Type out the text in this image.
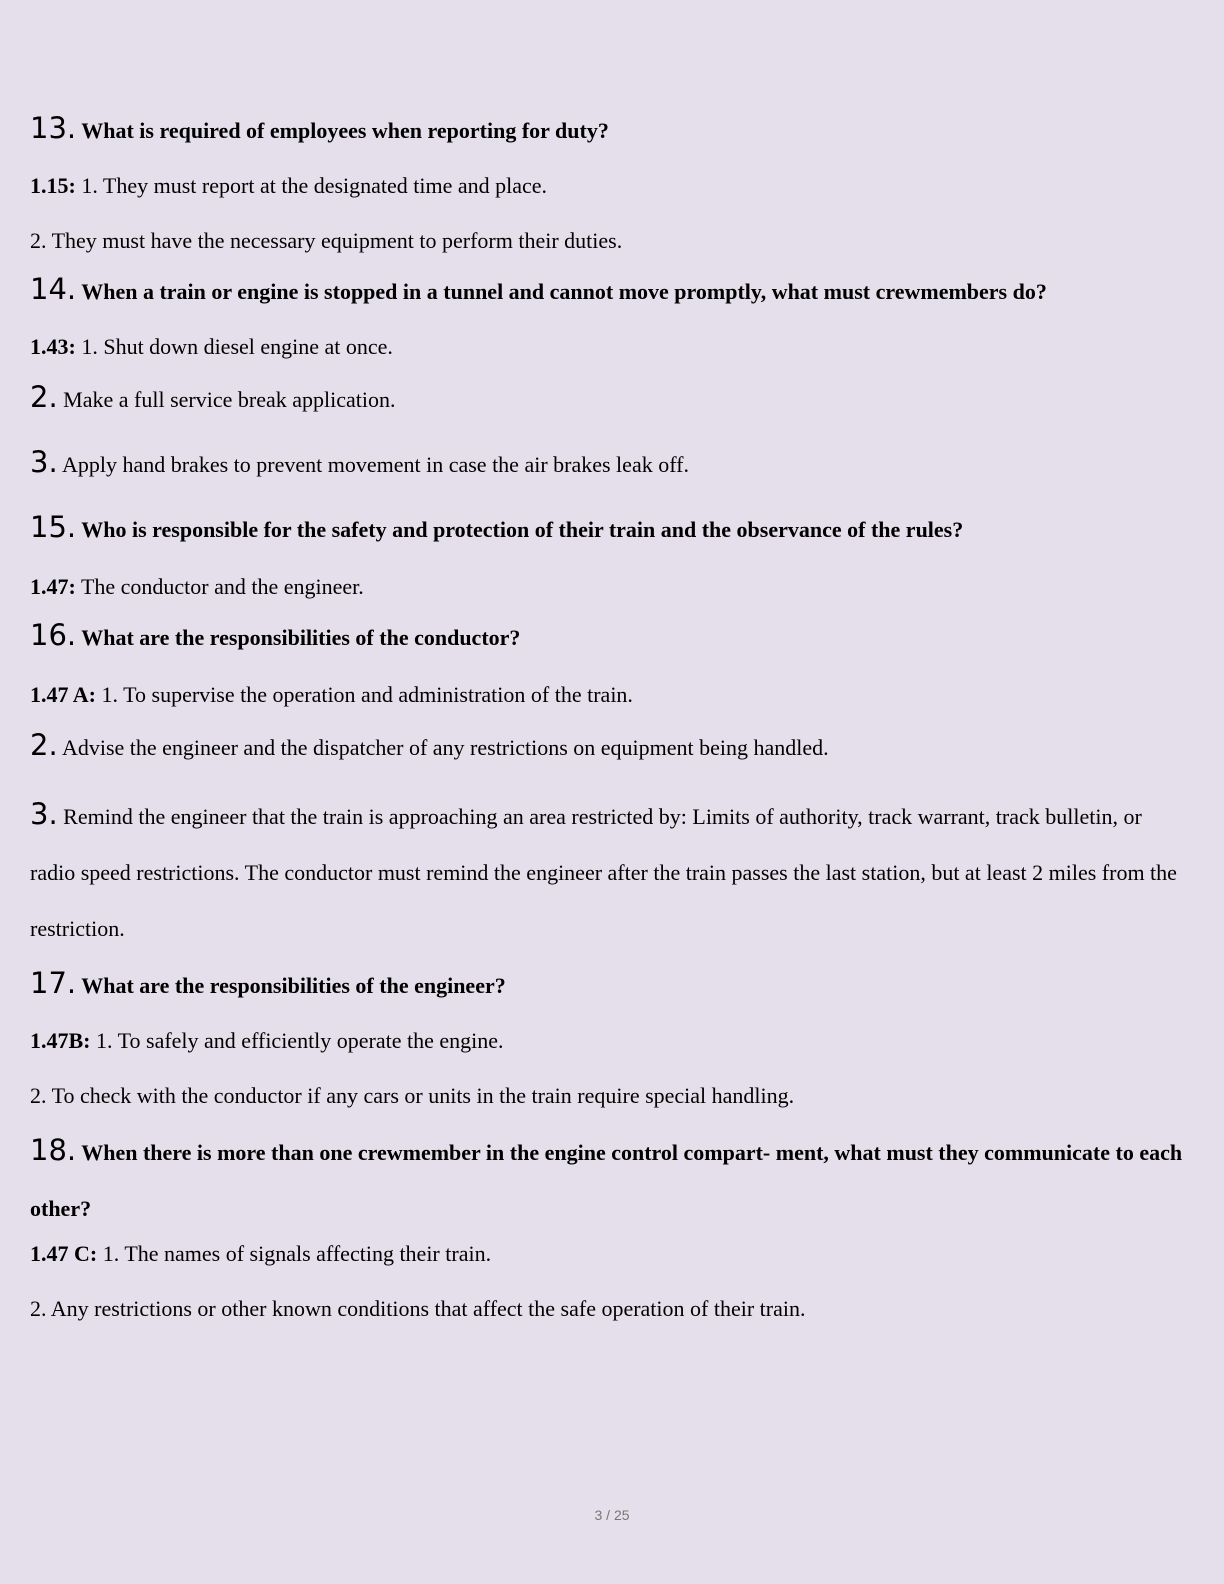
13. What is required of employees when reporting for duty?
1.15: 1. They must report at the designated time and place.
2. They must have the necessary equipment to perform their duties.
14. When a train or engine is stopped in a tunnel and cannot move promptly, what must crewmembers do?
1.43: 1. Shut down diesel engine at once.
2. Make a full service break application.
3. Apply hand brakes to prevent movement in case the air brakes leak off.
15. Who is responsible for the safety and protection of their train and the observance of the rules?
1.47: The conductor and the engineer.
16. What are the responsibilities of the conductor?
1.47 A: 1. To supervise the operation and administration of the train.
2. Advise the engineer and the dispatcher of any restrictions on equipment being handled.
3. Remind the engineer that the train is approaching an area restricted by: Limits of authority, track warrant, track bulletin, or radio speed restrictions. The conductor must remind the engineer after the train passes the last station, but at least 2 miles from the restriction.
17. What are the responsibilities of the engineer?
1.47B: 1. To safely and efficiently operate the engine.
2. To check with the conductor if any cars or units in the train require special handling.
18. When there is more than one crewmember in the engine control compart- ment, what must they communicate to each other?
1.47 C: 1. The names of signals affecting their train.
2. Any restrictions or other known conditions that affect the safe operation of their train.
3 / 25
